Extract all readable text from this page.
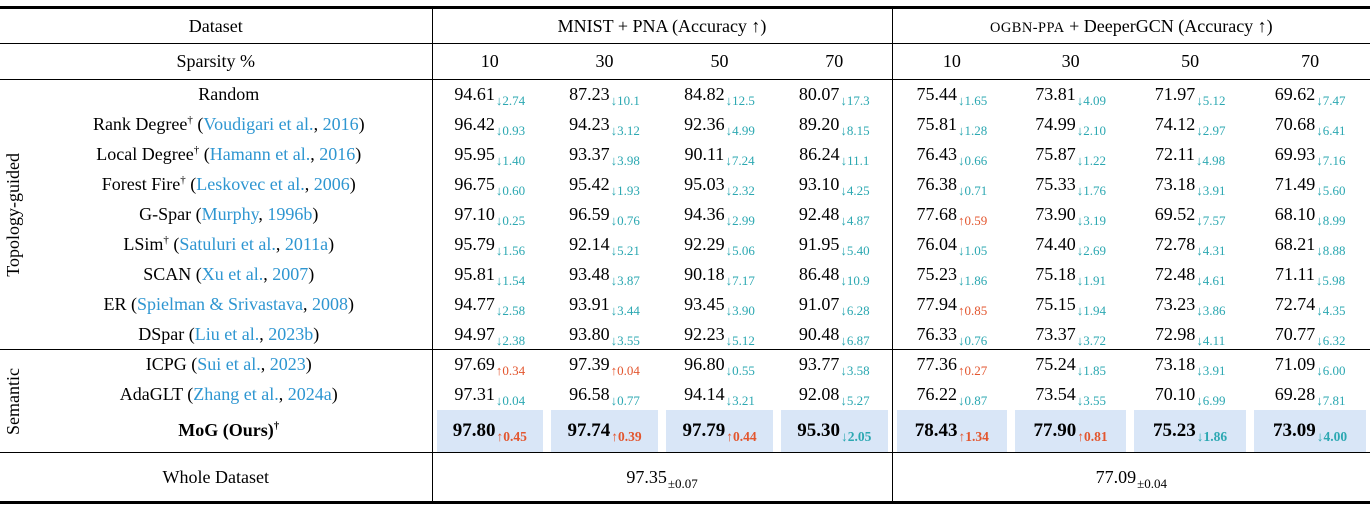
Dataset		MNIST + PNA (Accuracy ↑)				OGBN-PPA + DeeperGCN (Accuracy ↑)			
Sparsity %		10	30	50	70	10	30	50	70

Topology-guided	Random	$94.61_{↓2.74}$	$87.23_{↓10.1}$	$84.82_{↓12.5}$	$80.07_{↓17.3}$	$75.44_{↓1.65}$	$73.81_{↓4.09}$	$71.97_{↓5.12}$	$69.62_{↓7.47}$
	Rank Degree† (Voudigari et al., 2016)	$96.42_{↓0.93}$	$94.23_{↓3.12}$	$92.36_{↓4.99}$	$89.20_{↓8.15}$	$75.81_{↓1.28}$	$74.99_{↓2.10}$	$74.12_{↓2.97}$	$70.68_{↓6.41}$
	Local Degree† (Hamann et al., 2016)	$95.95_{↓1.40}$	$93.37_{↓3.98}$	$90.11_{↓7.24}$	$86.24_{↓11.1}$	$76.43_{↓0.66}$	$75.87_{↓1.22}$	$72.11_{↓4.98}$	$69.93_{↓7.16}$
	Forest Fire† (Leskovec et al., 2006)	$96.75_{↓0.60}$	$95.42_{↓1.93}$	$95.03_{↓2.32}$	$93.10_{↓4.25}$	$76.38_{↓0.71}$	$75.33_{↓1.76}$	$73.18_{↓3.91}$	$71.49_{↓5.60}$
	G-Spar (Murphy, 1996b)	$97.10_{↓0.25}$	$96.59_{↓0.76}$	$94.36_{↓2.99}$	$92.48_{↓4.87}$	$77.68_{↑0.59}$	$73.90_{↓3.19}$	$69.52_{↓7.57}$	$68.10_{↓8.99}$
	LSim† (Satuluri et al., 2011a)	$95.79_{↓1.56}$	$92.14_{↓5.21}$	$92.29_{↓5.06}$	$91.95_{↓5.40}$	$76.04_{↓1.05}$	$74.40_{↓2.69}$	$72.78_{↓4.31}$	$68.21_{↓8.88}$
	SCAN (Xu et al., 2007)	$95.81_{↓1.54}$	$93.48_{↓3.87}$	$90.18_{↓7.17}$	$86.48_{↓10.9}$	$75.23_{↓1.86}$	$75.18_{↓1.91}$	$72.48_{↓4.61}$	$71.11_{↓5.98}$
	ER (Spielman & Srivastava, 2008)	$94.77_{↓2.58}$	$93.91_{↓3.44}$	$93.45_{↓3.90}$	$91.07_{↓6.28}$	$77.94_{↑0.85}$	$75.15_{↓1.94}$	$73.23_{↓3.86}$	$72.74_{↓4.35}$
	DSpar (Liu et al., 2023b)	$94.97_{↓2.38}$	$93.80_{↓3.55}$	$92.23_{↓5.12}$	$90.48_{↓6.87}$	$76.33_{↓0.76}$	$73.37_{↓3.72}$	$72.98_{↓4.11}$	$70.77_{↓6.32}$

Semantic	ICPG (Sui et al., 2023)	$97.69_{↑0.34}$	$97.39_{↑0.04}$	$96.80_{↓0.55}$	$93.77_{↓3.58}$	$77.36_{↑0.27}$	$75.24_{↓1.85}$	$73.18_{↓3.91}$	$71.09_{↓6.00}$
	AdaGLT (Zhang et al., 2024a)	$97.31_{↓0.04}$	$96.58_{↓0.77}$	$94.14_{↓3.21}$	$92.08_{↓5.27}$	$76.22_{↓0.87}$	$73.54_{↓3.55}$	$70.10_{↓6.99}$	$69.28_{↓7.81}$
	MoG (Ours)†	$97.80_{↑0.45}$	$97.74_{↑0.39}$	$97.79_{↑0.44}$	$95.30_{↓2.05}$	$78.43_{↑1.34}$	$77.90_{↑0.81}$	$75.23_{↓1.86}$	$73.09_{↓4.00}$
Whole Dataset		$97.35_{\pm 0.07}$				$77.09_{\pm 0.04}$
